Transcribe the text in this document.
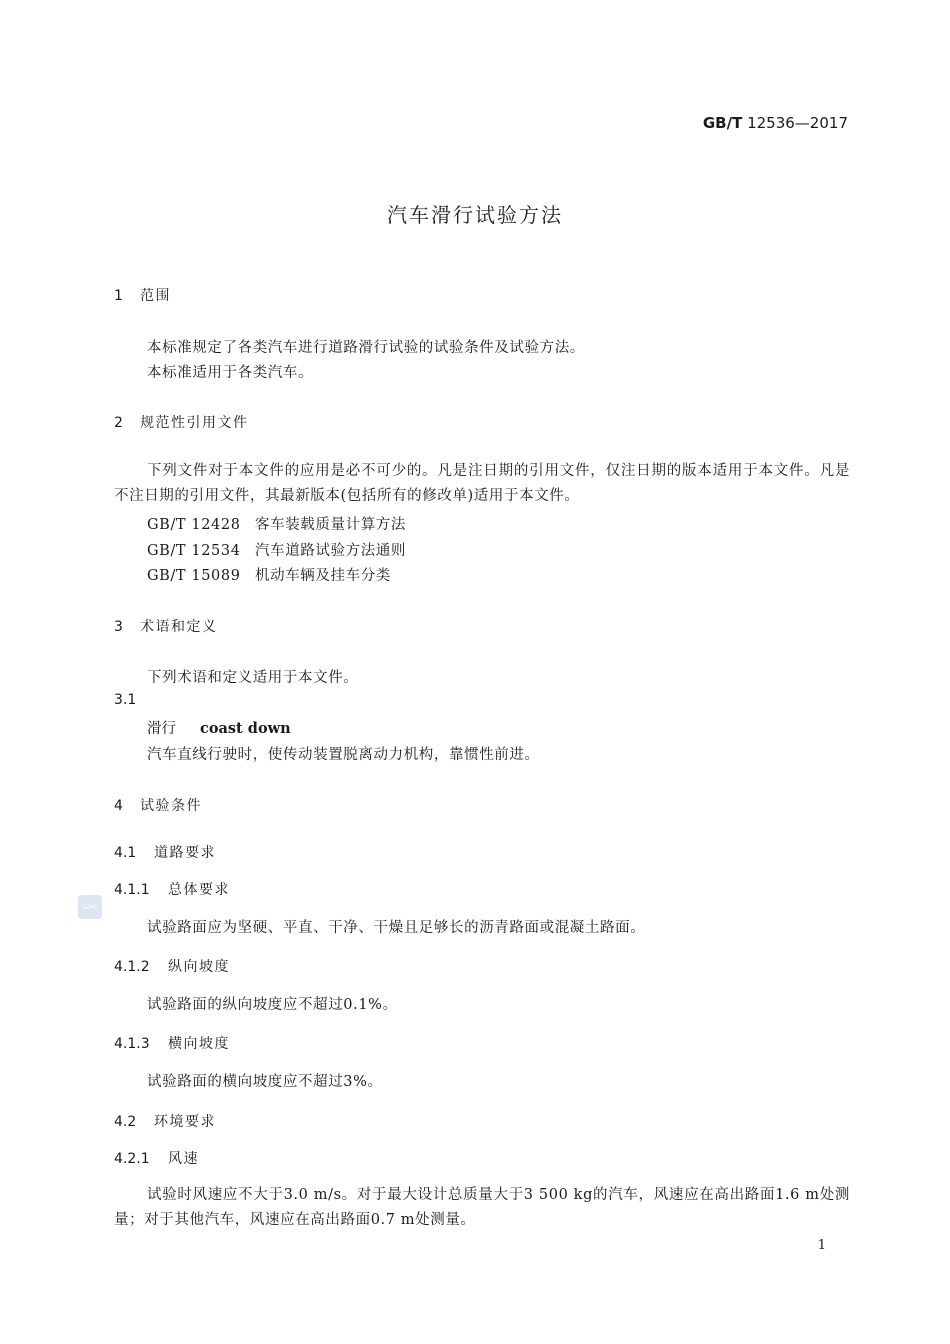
GB/T 12536—2017
汽车滑行试验方法
1 范围
本标准规定了各类汽车进行道路滑行试验的试验条件及试验方法。
本标准适用于各类汽车。
2 规范性引用文件
下列文件对于本文件的应用是必不可少的。凡是注日期的引用文件，仅注日期的版本适用于本文件。凡是不注日期的引用文件，其最新版本(包括所有的修改单)适用于本文件。
GB/T 12428 客车装载质量计算方法
GB/T 12534 汽车道路试验方法通则
GB/T 15089 机动车辆及挂车分类
3 术语和定义
下列术语和定义适用于本文件。
3.1
滑行 coast down
汽车直线行驶时，使传动装置脱离动力机构，靠惯性前进。
4 试验条件
4.1 道路要求
4.1.1 总体要求
试验路面应为坚硬、平直、干净、干燥且足够长的沥青路面或混凝土路面。
4.1.2 纵向坡度
试验路面的纵向坡度应不超过0.1%。
4.1.3 横向坡度
试验路面的横向坡度应不超过3%。
4.2 环境要求
4.2.1 风速
试验时风速应不大于3.0 m/s。对于最大设计总质量大于3 500 kg的汽车，风速应在高出路面1.6 m处测量；对于其他汽车，风速应在高出路面0.7 m处测量。
SZAC
1
